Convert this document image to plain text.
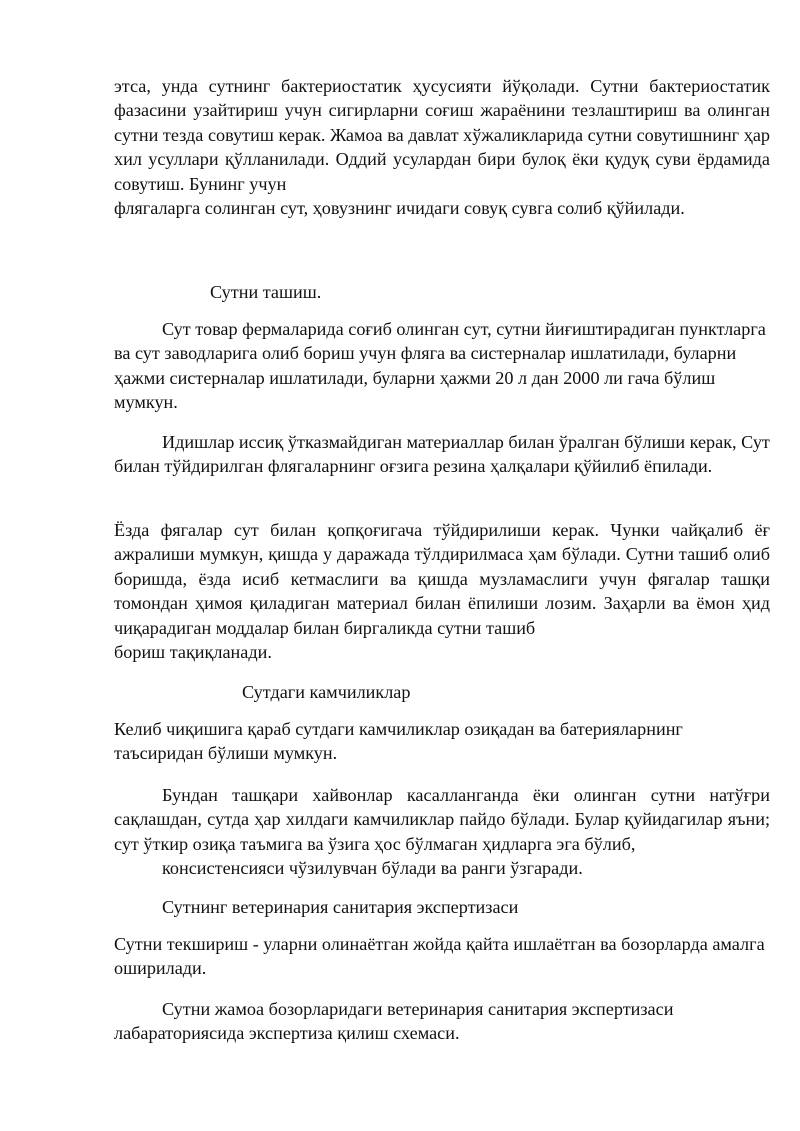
этса, унда сутнинг бактериостатик ҳусусияти йўқолади. Сутни бактериостатик фазасини узайтириш учун сигирларни соғиш жараёнини тезлаштириш ва олинган сутни тезда совутиш керак. Жамоа ва давлат хўжаликларида сутни совутишнинг ҳар хил усуллари қўлланилади. Оддий усулардан бири булоқ ёки қудуқ суви ёрдамида совутиш. Бунинг учун
флягаларга солинган сут, ҳовузнинг ичидаги совуқ сувга солиб қўйилади.

Сутни ташиш.

Сут товар фермаларида соғиб олинган сут, сутни йиғиштирадиган пунктларга ва сут заводларига олиб бориш учун фляга ва систерналар ишлатилади, буларни ҳажми систерналар ишлатилади, буларни ҳажми 20 л дан 2000 ли гача бўлиш мумкун.

Идишлар иссиқ ўтказмайдиган материаллар билан ўралган бўлиши керак, Сут билан тўйдирилган флягаларнинг оғзига резина ҳалқалари қўйилиб ёпилади.

Ёзда фягалар сут билан қопқоғигача тўйдирилиши керак. Чунки чайқалиб ёғ ажралиши мумкун, қишда у даражада тўлдирилмаса ҳам бўлади. Сутни ташиб олиб боришда, ёзда исиб кетмаслиги ва қишда музламаслиги учун фягалар ташқи томондан ҳимоя қиладиган материал билан ёпилиши лозим. Заҳарли ва ёмон ҳид чиқарадиган моддалар билан биргаликда сутни ташиб
бориш тақиқланади.

Сутдаги камчиликлар

Келиб чиқишига қараб сутдаги камчиликлар озиқадан ва батерияларнинг таъсиридан бўлиши мумкун.

Бундан ташқари хайвонлар касалланганда ёки олинган сутни натўғри сақлашдан, сутда ҳар хилдаги камчиликлар пайдо бўлади. Булар қуйидагилар яъни; сут ўткир озиқа таъмига ва ўзига ҳос бўлмаган ҳидларга эга бўлиб,
консистенсияси чўзилувчан бўлади ва ранги ўзгаради.

Сутнинг ветеринария санитария экспертизаси

Сутни текшириш - уларни олинаётган жойда қайта ишлаётган ва бозорларда амалга оширилади.

Сутни жамоа бозорларидаги ветеринария санитария экспертизаси лабараториясида экспертиза қилиш схемаси.
